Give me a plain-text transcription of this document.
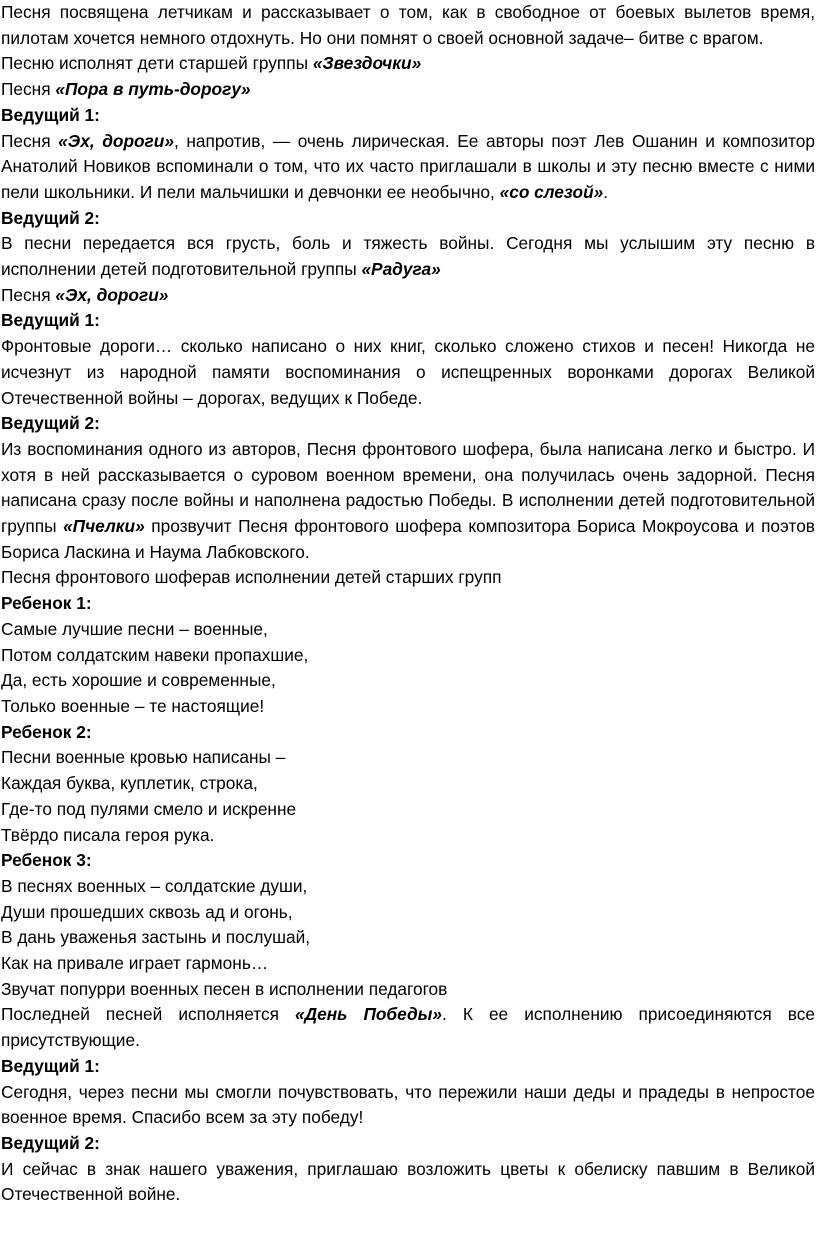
Песня посвящена летчикам и рассказывает о том, как в свободное от боевых вылетов время, пилотам хочется немного отдохнуть. Но они помнят о своей основной задаче– битве с врагом.

Песню исполнят дети старшей группы «Звездочки»

Песня «Пора в путь-дорогу»

Ведущий 1:

Песня «Эх, дороги», напротив, — очень лирическая. Ее авторы поэт Лев Ошанин и композитор Анатолий Новиков вспоминали о том, что их часто приглашали в школы и эту песню вместе с ними пели школьники. И пели мальчишки и девчонки ее необычно, «со слезой».

Ведущий 2:

В песни передается вся грусть, боль и тяжесть войны. Сегодня мы услышим эту песню в исполнении детей подготовительной группы «Радуга»

Песня «Эх, дороги»

Ведущий 1:

Фронтовые дороги… сколько написано о них книг, сколько сложено стихов и песен! Никогда не исчезнут из народной памяти воспоминания о испещренных воронками дорогах Великой Отечественной войны – дорогах, ведущих к Победе.

Ведущий 2:

Из воспоминания одного из авторов, Песня фронтового шофера, была написана легко и быстро. И хотя в ней рассказывается о суровом военном времени, она получилась очень задорной. Песня написана сразу после войны и наполнена радостью Победы. В исполнении детей подготовительной группы «Пчелки» прозвучит Песня фронтового шофера композитора Бориса Мокроусова и поэтов Бориса Ласкина и Наума Лабковского.

Песня фронтового шоферав исполнении детей старших групп

Ребенок 1:

Самые лучшие песни – военные,

Потом солдатским навеки пропахшие,

Да, есть хорошие и современные,

Только военные – те настоящие!

Ребенок 2:

Песни военные кровью написаны –

Каждая буква, куплетик, строка,

Где-то под пулями смело и искренне

Твёрдо писала героя рука.

Ребенок 3:

В песнях военных – солдатские души,

Души прошедших сквозь ад и огонь,

В дань уваженья застынь и послушай,

Как на привале играет гармонь…

Звучат попурри военных песен в исполнении педагогов

Последней песней исполняется «День Победы». К ее исполнению присоединяются все присутствующие.

Ведущий 1:

Сегодня, через песни мы смогли почувствовать, что пережили наши деды и прадеды в непростое военное время. Спасибо всем за эту победу!

Ведущий 2:

И сейчас в знак нашего уважения, приглашаю возложить цветы к обелиску павшим в Великой Отечественной войне.
